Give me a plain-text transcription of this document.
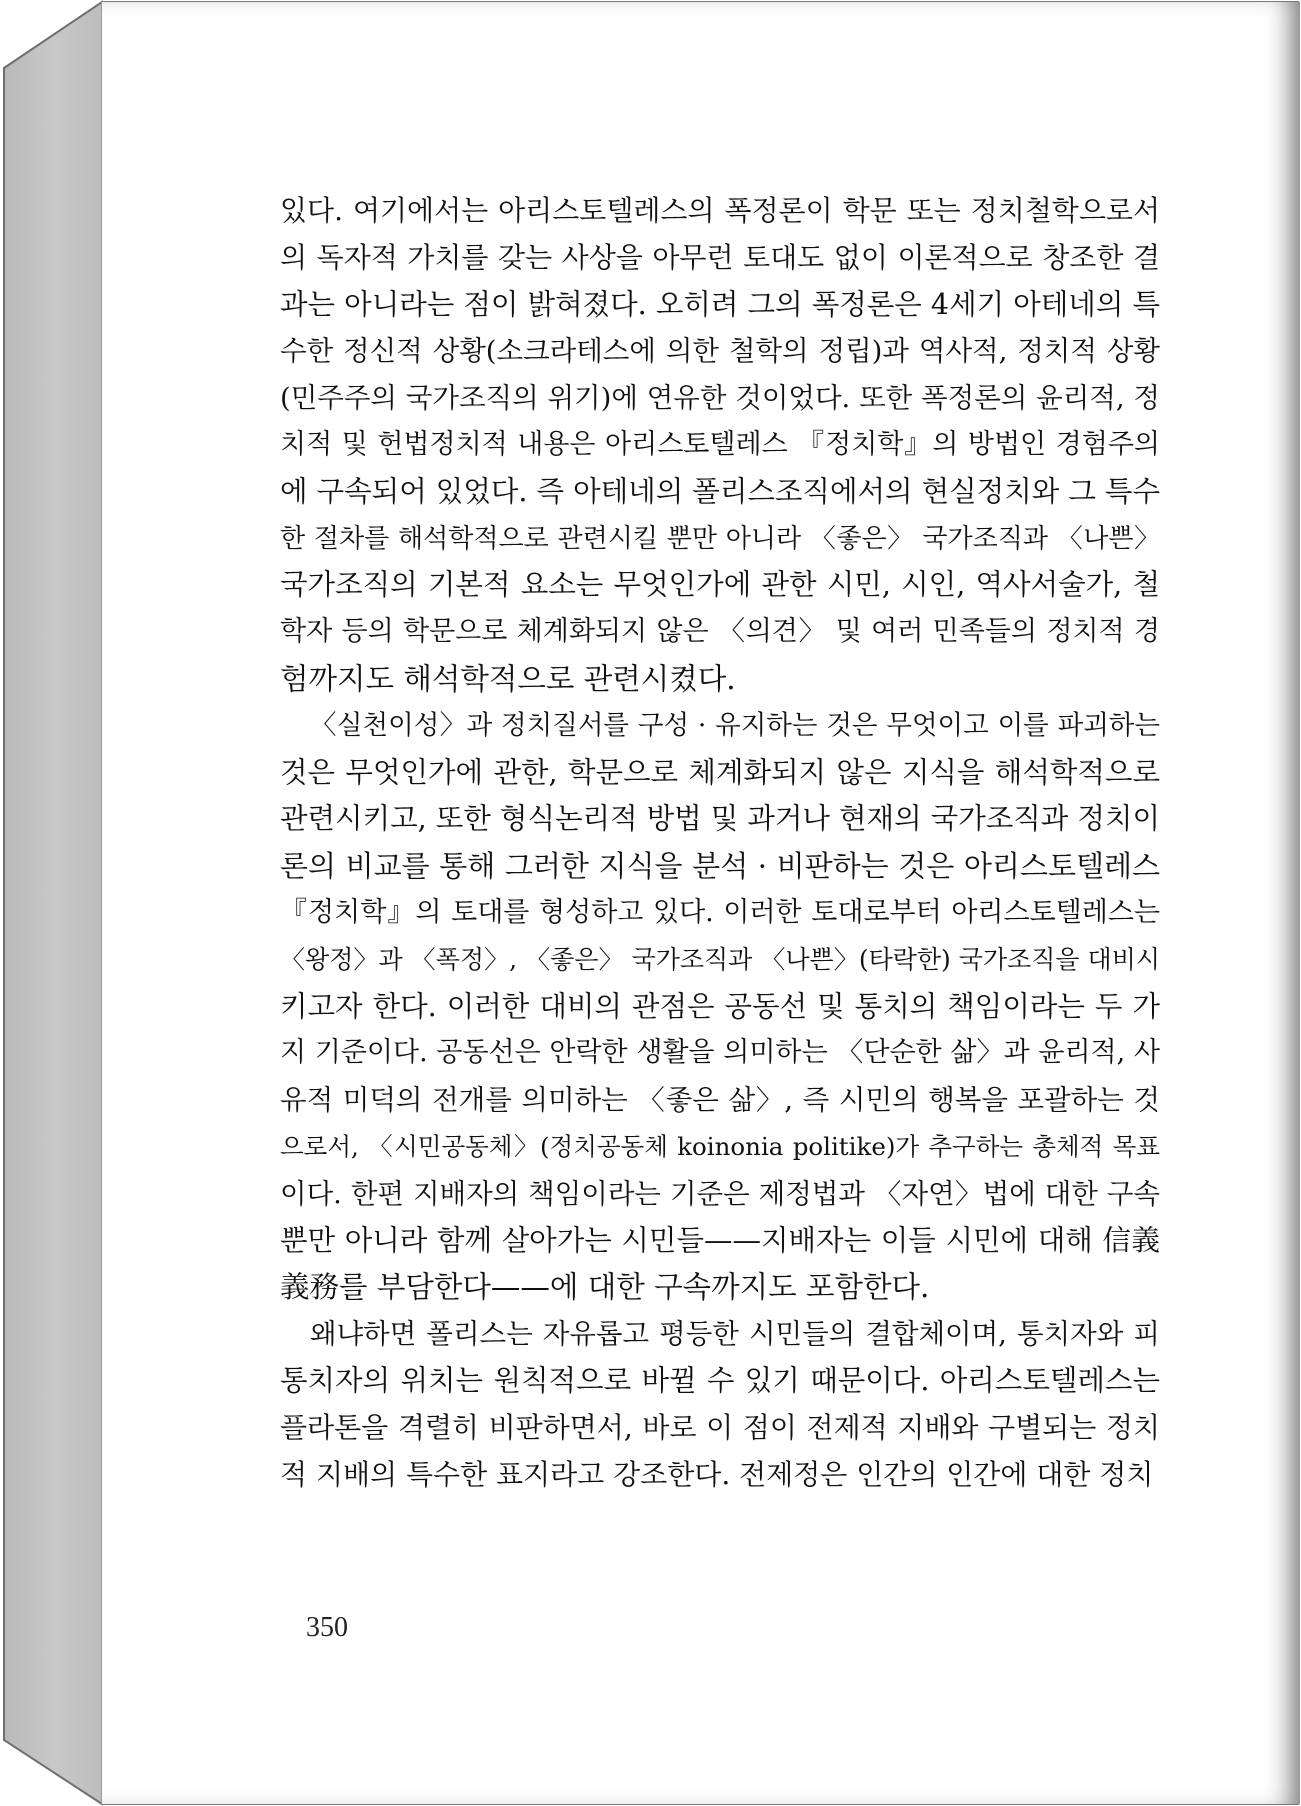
있다. 여기에서는 아리스토텔레스의 폭정론이 학문 또는 정치철학으로서
의 독자적 가치를 갖는 사상을 아무런 토대도 없이 이론적으로 창조한 결
과는 아니라는 점이 밝혀졌다. 오히려 그의 폭정론은 4세기 아테네의 특
수한 정신적 상황(소크라테스에 의한 철학의 정립)과 역사적, 정치적 상황
(민주주의 국가조직의 위기)에 연유한 것이었다. 또한 폭정론의 윤리적, 정
치적 및 헌법정치적 내용은 아리스토텔레스 『정치학』의 방법인 경험주의
에 구속되어 있었다. 즉 아테네의 폴리스조직에서의 현실정치와 그 특수
한 절차를 해석학적으로 관련시킬 뿐만 아니라 〈좋은〉 국가조직과 〈나쁜〉
국가조직의 기본적 요소는 무엇인가에 관한 시민, 시인, 역사서술가, 철
학자 등의 학문으로 체계화되지 않은 〈의견〉 및 여러 민족들의 정치적 경
험까지도 해석학적으로 관련시켰다.
〈실천이성〉과 정치질서를 구성 · 유지하는 것은 무엇이고 이를 파괴하는
것은 무엇인가에 관한, 학문으로 체계화되지 않은 지식을 해석학적으로
관련시키고, 또한 형식논리적 방법 및 과거나 현재의 국가조직과 정치이
론의 비교를 통해 그러한 지식을 분석 · 비판하는 것은 아리스토텔레스
『정치학』의 토대를 형성하고 있다. 이러한 토대로부터 아리스토텔레스는
〈왕정〉과 〈폭정〉, 〈좋은〉 국가조직과 〈나쁜〉(타락한) 국가조직을 대비시
키고자 한다. 이러한 대비의 관점은 공동선 및 통치의 책임이라는 두 가
지 기준이다. 공동선은 안락한 생활을 의미하는 〈단순한 삶〉과 윤리적, 사
유적 미덕의 전개를 의미하는 〈좋은 삶〉, 즉 시민의 행복을 포괄하는 것
으로서, 〈시민공동체〉(정치공동체 koinonia politike)가 추구하는 총체적 목표
이다. 한편 지배자의 책임이라는 기준은 제정법과 〈자연〉법에 대한 구속
뿐만 아니라 함께 살아가는 시민들——지배자는 이들 시민에 대해 信義
義務를 부담한다——에 대한 구속까지도 포함한다.
왜냐하면 폴리스는 자유롭고 평등한 시민들의 결합체이며, 통치자와 피
통치자의 위치는 원칙적으로 바뀔 수 있기 때문이다. 아리스토텔레스는
플라톤을 격렬히 비판하면서, 바로 이 점이 전제적 지배와 구별되는 정치
적 지배의 특수한 표지라고 강조한다. 전제정은 인간의 인간에 대한 정치
350
